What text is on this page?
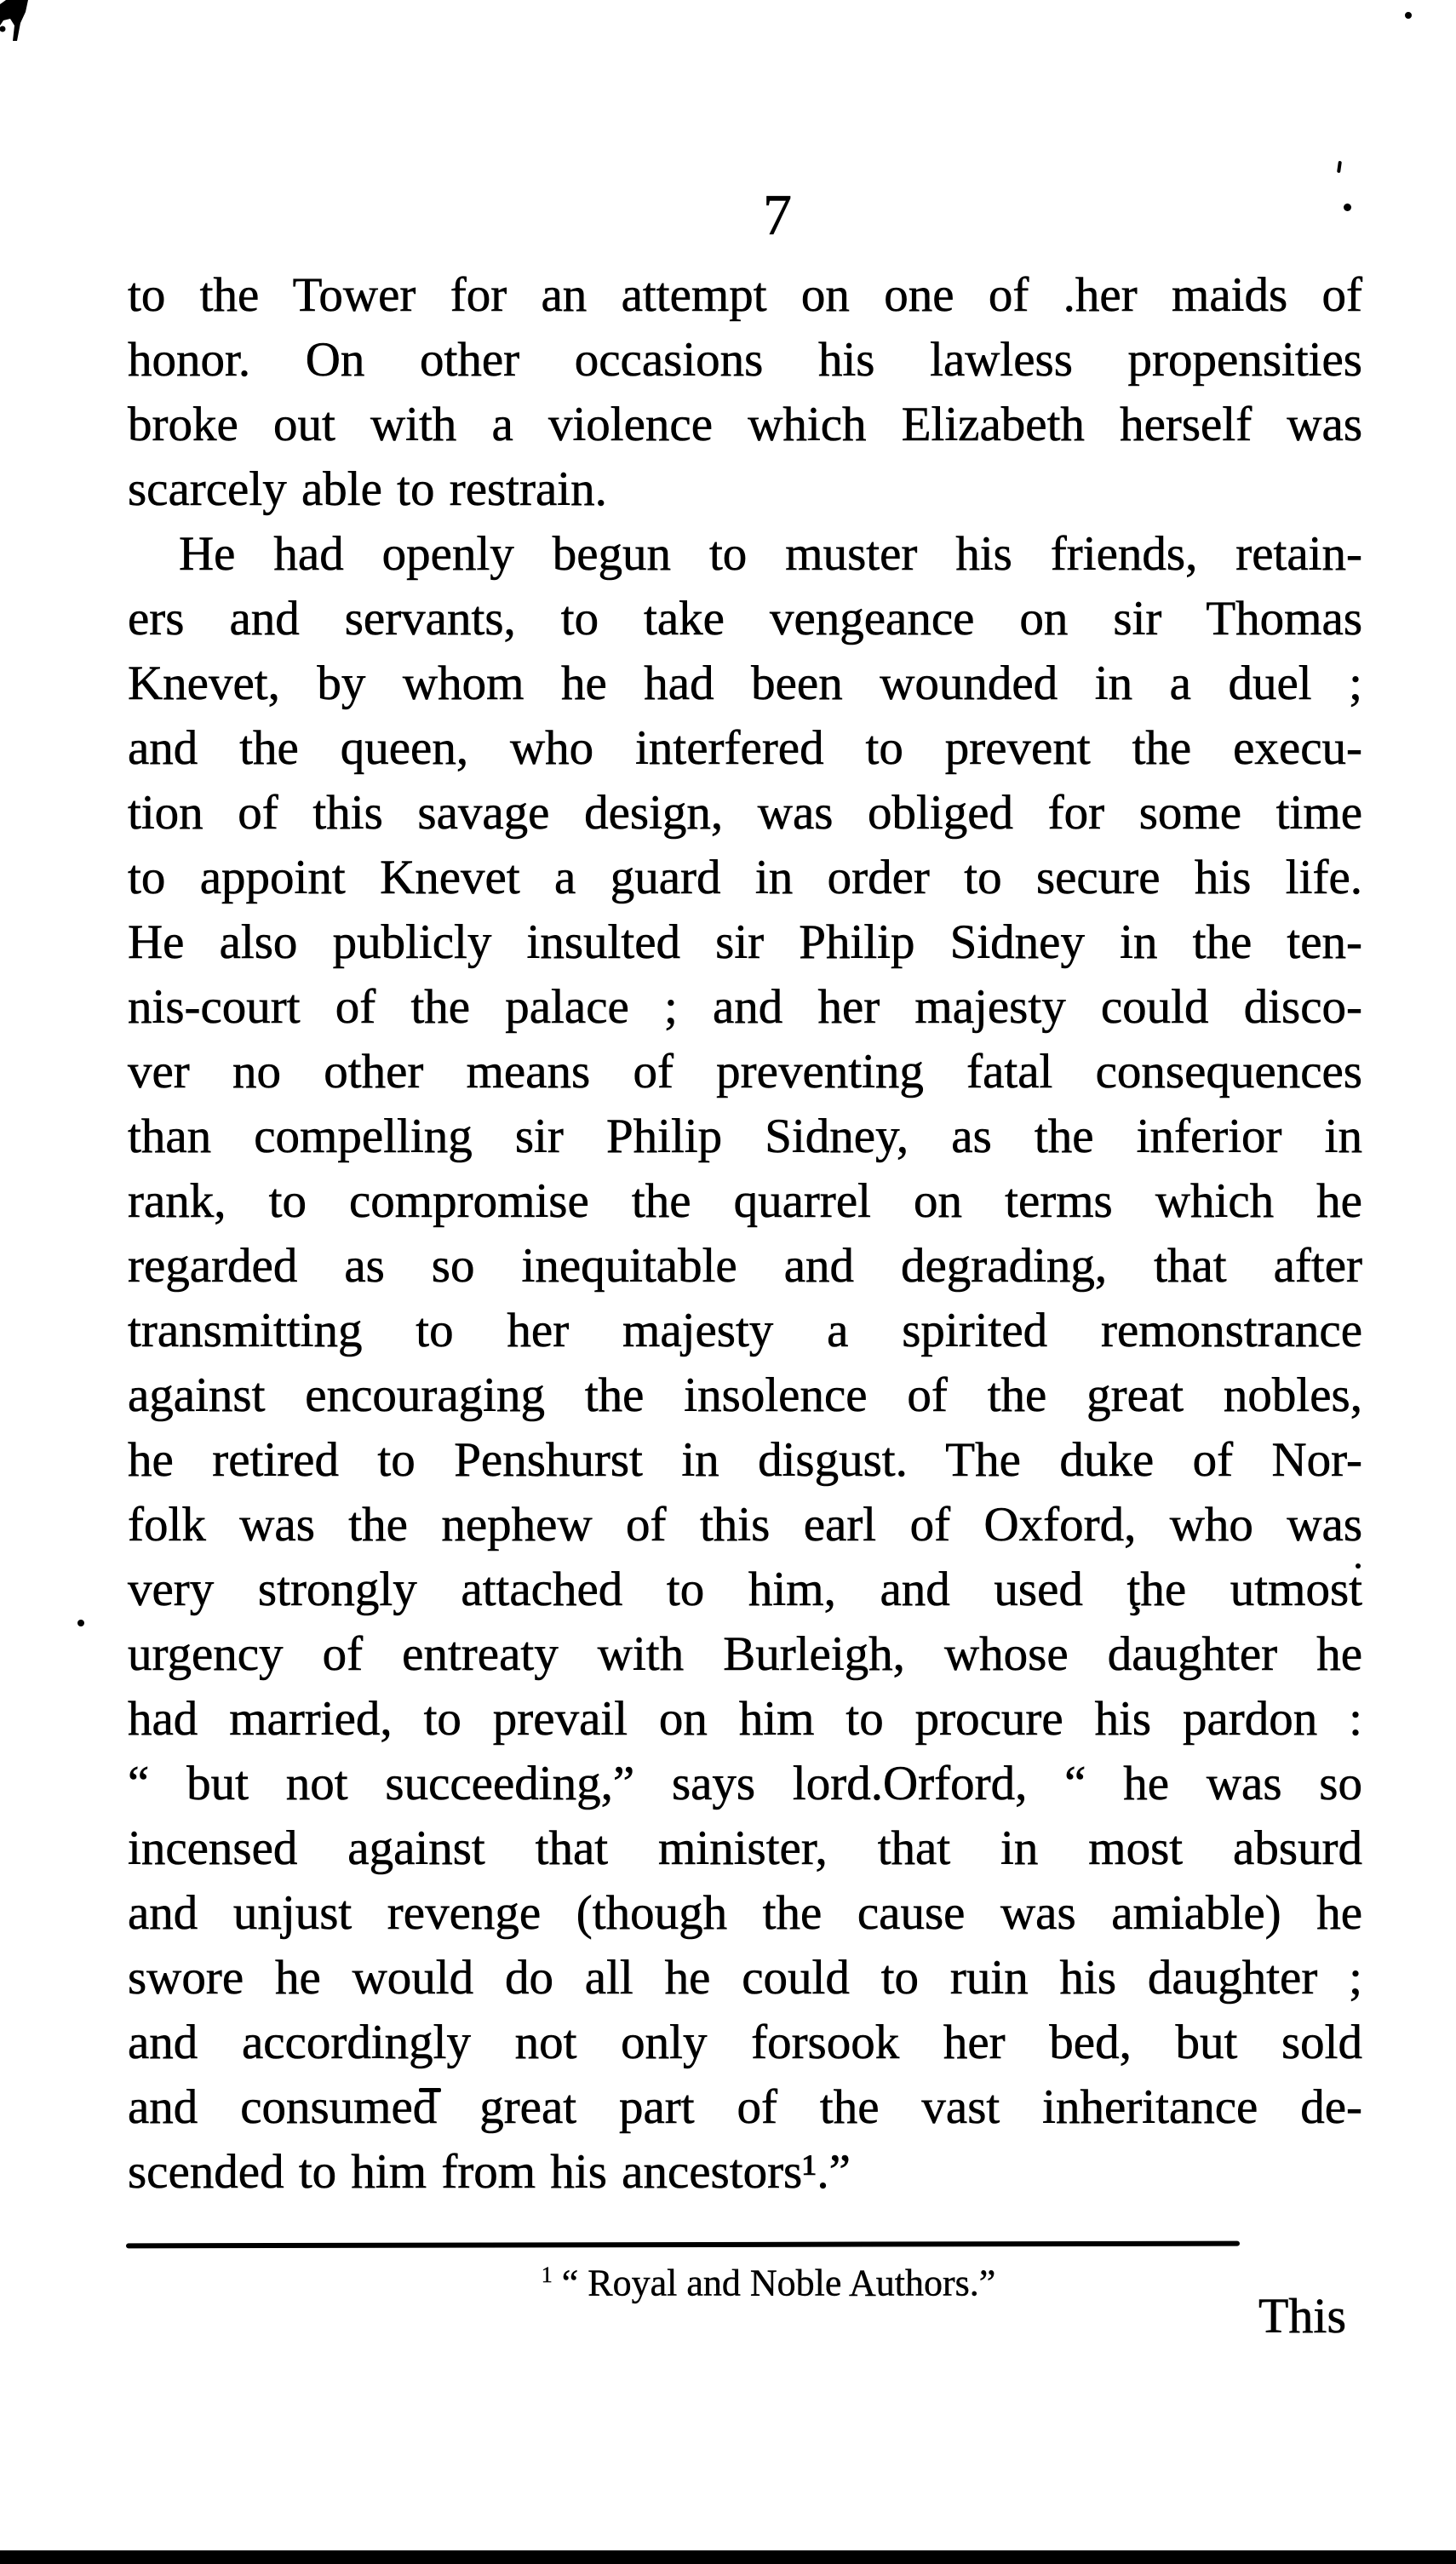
7
to the Tower for an attempt on one of .her maids of
honor. On other occasions his lawless propensities
broke out with a violence which Elizabeth herself was
scarcely able to restrain.
He had openly begun to muster his friends, retain-
ers and servants, to take vengeance on sir Thomas
Knevet, by whom he had been wounded in a duel ;
and the queen, who interfered to prevent the execu-
tion of this savage design, was obliged for some time
to appoint Knevet a guard in order to secure his life.
He also publicly insulted sir Philip Sidney in the ten-
nis-court of the palace ; and her majesty could disco-
ver no other means of preventing fatal consequences
than compelling sir Philip Sidney, as the inferior in
rank, to compromise the quarrel on terms which he
regarded as so inequitable and degrading, that after
transmitting to her majesty a spirited remonstrance
against encouraging the insolence of the great nobles,
he retired to Penshurst in disgust. The duke of Nor-
folk was the nephew of this earl of Oxford, who was
very strongly attached to him, and used ţhe utmost
urgency of entreaty with Burleigh, whose daughter he
had married, to prevail on him to procure his pardon :
“ but not succeeding,” says lord.Orford, “ he was so
incensed against that minister, that in most absurd
and unjust revenge (though the cause was amiable) he
swore he would do all he could to ruin his daughter ;
and accordingly not only forsook her bed, but sold
and consumed great part of the vast inheritance de-
scended to him from his ancestors¹.”
$^1$ “ Royal and Noble Authors.”
This
